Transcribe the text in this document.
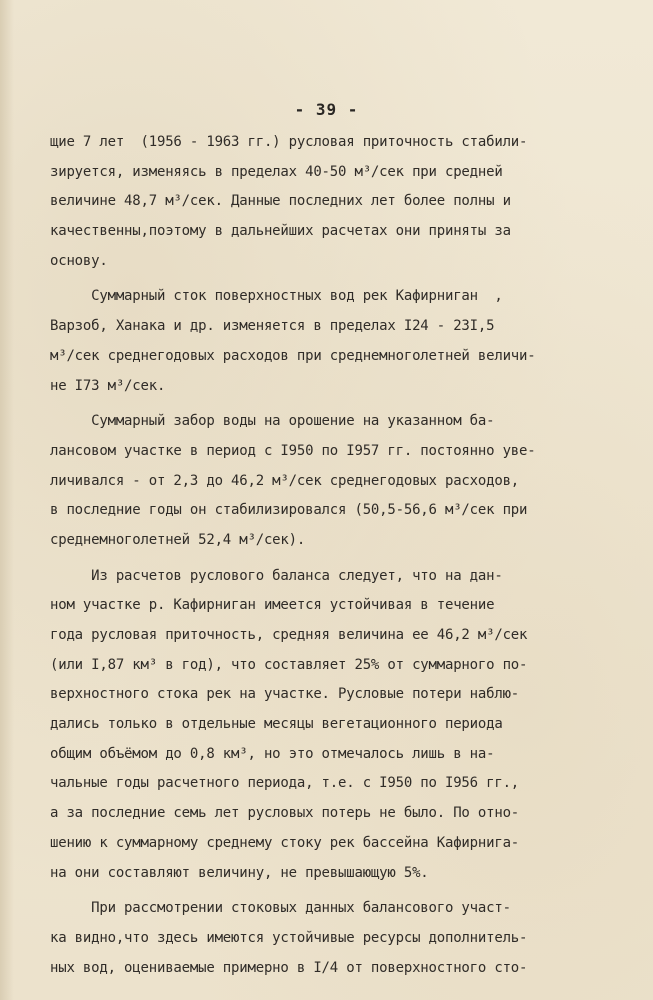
- 39 -
щие 7 лет  (1956 - 1963 гг.) русловая приточность стабили-
зируется, изменяясь в пределах 40-50 м³/сек при средней
величине 48,7 м³/сек. Данные последних лет более полны и
качественны,поэтому в дальнейших расчетах они приняты за
основу.
Суммарный сток поверхностных вод рек Кафирниган  ,
Варзоб, Ханака и др. изменяется в пределах I24 - 23I,5
м³/сек среднегодовых расходов при среднемноголетней величи-
не I73 м³/сек.
Суммарный забор воды на орошение на указанном ба-
лансовом участке в период с I950 по I957 гг. постоянно увe-
личивался - от 2,3 до 46,2 м³/сек среднегодовых расходов,
в последние годы он стабилизировался (50,5-56,6 м³/сек при
среднемноголетней 52,4 м³/сек).
Из расчетов руслового баланса следует, что на дан-
ном участке р. Кафирниган имеется устойчивая в течение
года русловая приточность, средняя величина ее 46,2 м³/сек
(или I,87 км³ в год), что составляет 25% от суммарного по-
верхностного стока рек на участке. Русловые потери наблю-
дались только в отдельные месяцы вегетационного периода
общим объёмом до 0,8 км³, но это отмечалось лишь в на-
чальные годы расчетного периода, т.е. с I950 по I956 гг.,
а за последние семь лет русловых потерь не было. По отно-
шению к суммарному среднему стоку рек бассейна Кафирнига-
на они составляют величину, не превышающую 5%.
При рассмотрении стоковых данных балансового участ-
ка видно,что здесь имеются устойчивые ресурсы дополнитель-
ных вод, оцениваемые примерно в I/4 от поверхностного сто-
